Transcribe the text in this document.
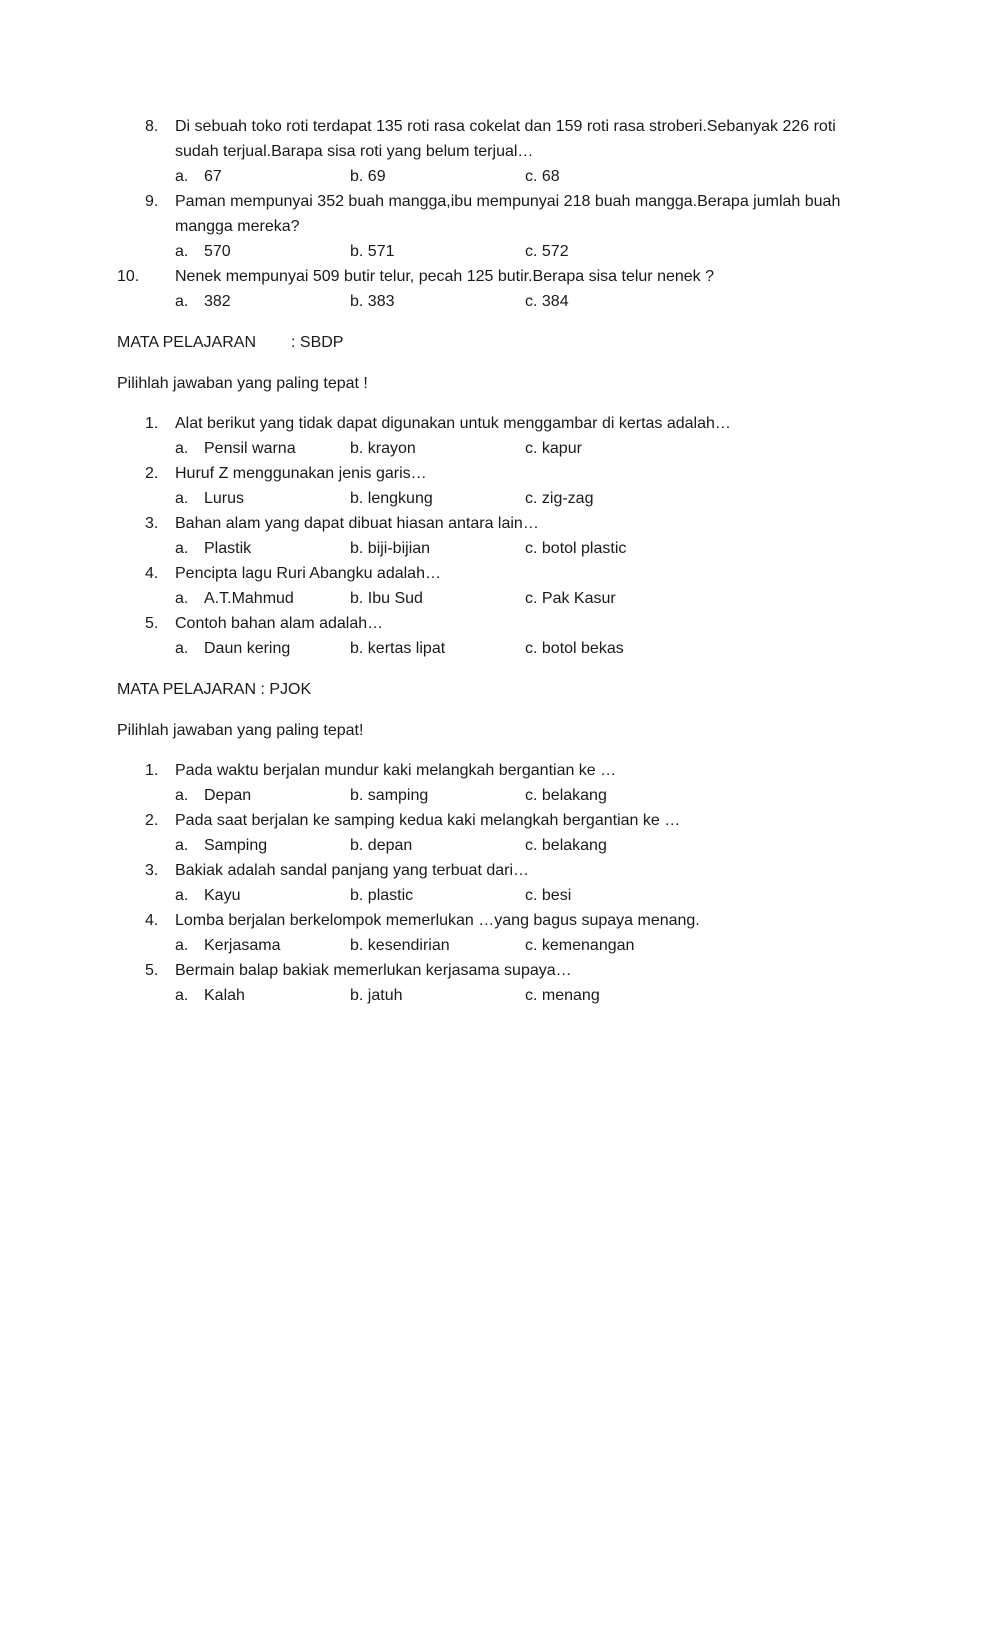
8.	Di sebuah toko roti terdapat 135 roti rasa cokelat dan 159 roti rasa stroberi.Sebanyak 226 roti sudah terjual.Barapa sisa roti yang belum terjual…
a. 67	b. 69	c. 68
9.	Paman mempunyai 352 buah mangga,ibu mempunyai 218 buah mangga.Berapa jumlah buah mangga mereka?
a. 570	b. 571	c. 572
10.	Nenek mempunyai 509 butir telur, pecah 125 butir.Berapa sisa telur nenek ?
a. 382	b. 383	c. 384
MATA PELAJARAN : SBDP
Pilihlah jawaban yang paling tepat !
1.	Alat berikut yang tidak dapat digunakan untuk menggambar di kertas adalah…
a. Pensil warna	b. krayon	c. kapur
2.	Huruf Z menggunakan jenis garis…
a. Lurus	b. lengkung	c. zig-zag
3.	Bahan alam yang dapat dibuat hiasan antara lain…
a. Plastik	b. biji-bijian	c. botol plastic
4.	Pencipta lagu Ruri Abangku adalah…
a. A.T.Mahmud	b. Ibu Sud	c. Pak Kasur
5.	Contoh bahan alam adalah…
a. Daun kering	b. kertas lipat	c. botol bekas
MATA PELAJARAN : PJOK
Pilihlah jawaban yang paling tepat!
1.	Pada waktu berjalan mundur kaki melangkah bergantian ke …
a. Depan	b. samping	c. belakang
2.	Pada saat berjalan ke samping kedua kaki melangkah bergantian ke …
a. Samping	b. depan	c. belakang
3.	Bakiak adalah sandal panjang yang terbuat dari…
a. Kayu	b. plastic	c. besi
4.	Lomba berjalan berkelompok memerlukan …yang bagus supaya menang.
a. Kerjasama	b. kesendirian	c. kemenangan
5.	Bermain balap bakiak memerlukan kerjasama supaya…
a. Kalah	b. jatuh	c. menang
